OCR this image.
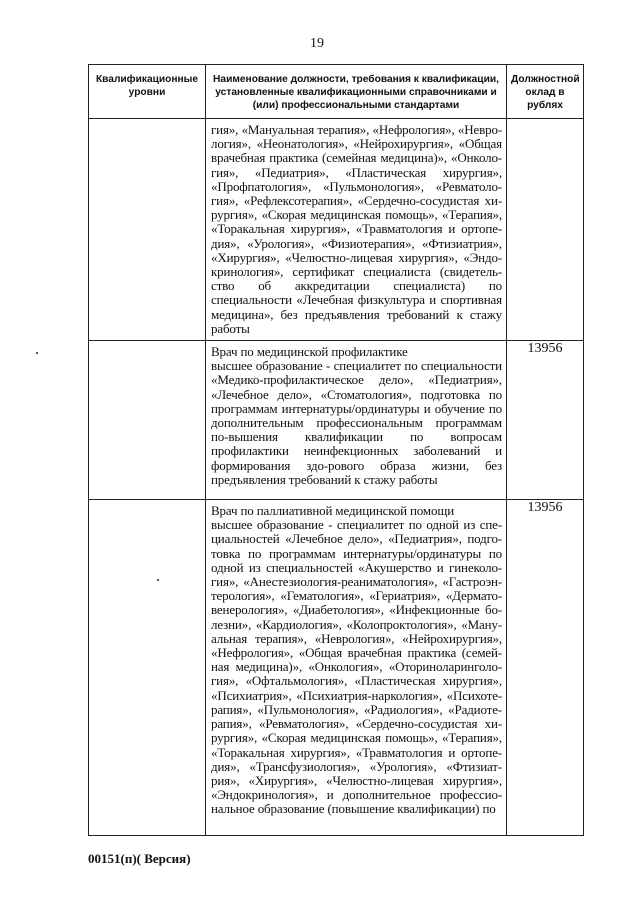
19
Квалификационные уровни	Наименование должности, требования к квалификации, установленные квалификационными справочниками и (или) профессиональными стандартами	Должностной оклад в рублях

	гия», «Мануальная терапия», «Нефрология», «Невро-логия», «Неонатология», «Нейрохирургия», «Общая врачебная практика (семейная медицина)», «Онколо-гия», «Педиатрия», «Пластическая хирургия», «Профпатология», «Пульмонология», «Ревматоло-гия», «Рефлексотерапия», «Сердечно-сосудистая хи-рургия», «Скорая медицинская помощь», «Терапия», «Торакальная хирургия», «Травматология и ортопе-дия», «Урология», «Физиотерапия», «Фтизиатрия», «Хирургия», «Челюстно-лицевая хирургия», «Эндо-кринология», сертификат специалиста (свидетель-ство об аккредитации специалиста) по специальности «Лечебная физкультура и спортивная медицина», без предъявления требований к стажу работы	

	Врач по медицинской профилактике

высшее образование - специалитет по специальности «Медико-профилактическое дело», «Педиатрия», «Лечебное дело», «Стоматология», подготовка по программам интернатуры/ординатуры и обучение по дополнительным профессиональным программам по-вышения квалификации по вопросам профилактики неинфекционных заболеваний и формирования здо-рового образа жизни, без предъявления требований к стажу работы	13956

	Врач по паллиативной медицинской помощи

высшее образование - специалитет по одной из спе-циальностей «Лечебное дело», «Педиатрия», подго-товка по программам интернатуры/ординатуры по одной из специальностей «Акушерство и гинеколо-гия», «Анестезиология-реаниматология», «Гастроэн-терология», «Гематология», «Гериатрия», «Дермато-венерология», «Диабетология», «Инфекционные бо-лезни», «Кардиология», «Колопроктология», «Ману-альная терапия», «Неврология», «Нейрохирургия», «Нефрология», «Общая врачебная практика (семей-ная медицина)», «Онкология», «Оториноларинголо-гия», «Офтальмология», «Пластическая хирургия», «Психиатрия», «Психиатрия-наркология», «Психоте-рапия», «Пульмонология», «Радиология», «Радиоте-рапия», «Ревматология», «Сердечно-сосудистая хи-рургия», «Скорая медицинская помощь», «Терапия», «Торакальная хирургия», «Травматология и ортопе-дия», «Трансфузиология», «Урология», «Фтизиат-рия», «Хирургия», «Челюстно-лицевая хирургия», «Эндокринология», и дополнительное профессио-нальное образование (повышение квалификации) по	13956
00151(п)( Версия)
